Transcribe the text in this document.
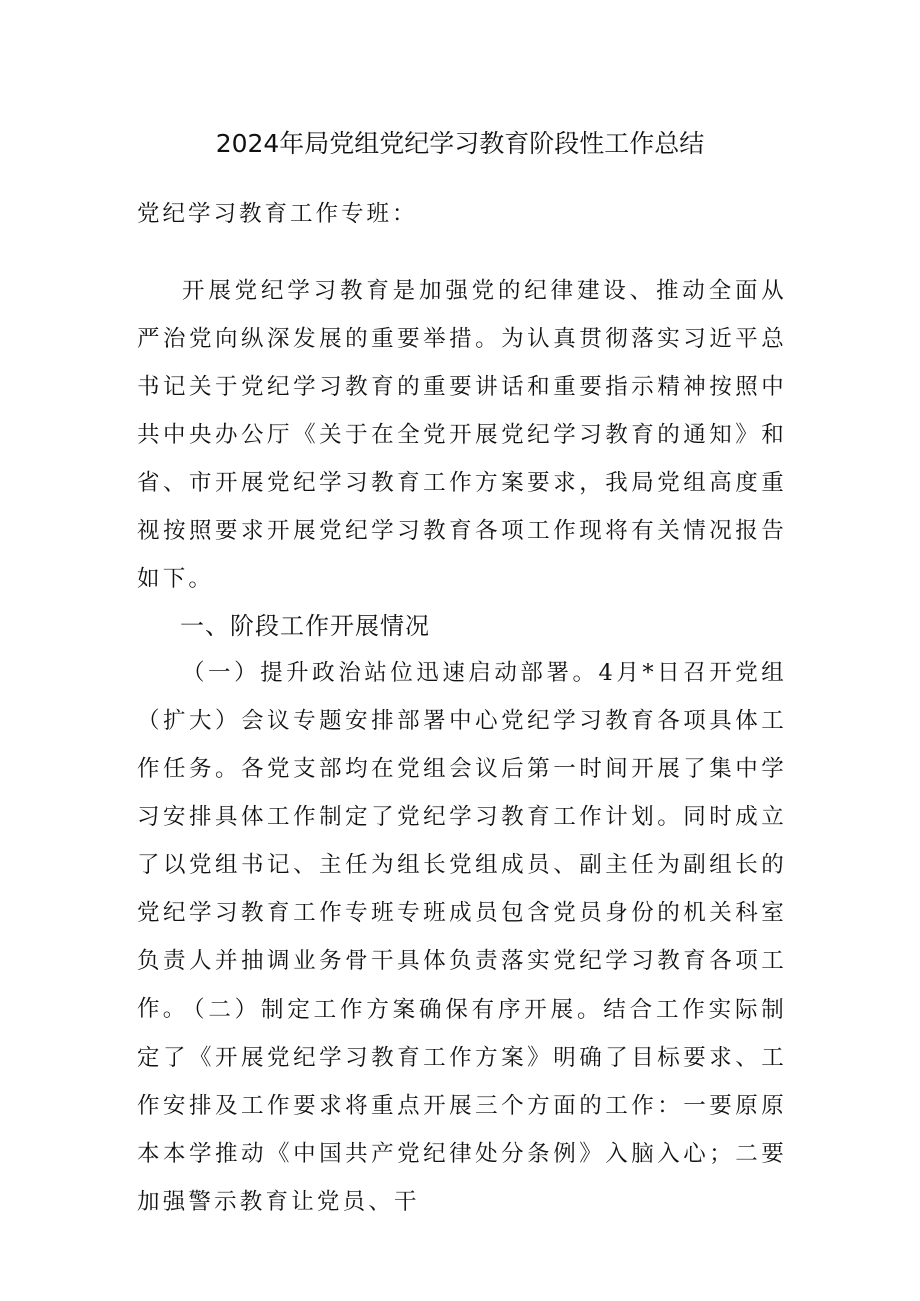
2024年局党组党纪学习教育阶段性工作总结
党纪学习教育工作专班：

开展党纪学习教育是加强党的纪律建设、推动全面从严治党向纵深发展的重要举措。为认真贯彻落实习近平总书记关于党纪学习教育的重要讲话和重要指示精神按照中共中央办公厅《关于在全党开展党纪学习教育的通知》和省、市开展党纪学习教育工作方案要求，我局党组高度重视按照要求开展党纪学习教育各项工作现将有关情况报告如下。

一、阶段工作开展情况

（一）提升政治站位迅速启动部署。4月*日召开党组（扩大）会议专题安排部署中心党纪学习教育各项具体工作任务。各党支部均在党组会议后第一时间开展了集中学习安排具体工作制定了党纪学习教育工作计划。同时成立了以党组书记、主任为组长党组成员、副主任为副组长的党纪学习教育工作专班专班成员包含党员身份的机关科室负责人并抽调业务骨干具体负责落实党纪学习教育各项工作。

（二）制定工作方案确保有序开展。结合工作实际制定了《开展党纪学习教育工作方案》明确了目标要求、工作安排及工作要求将重点开展三个方面的工作：一要原原本本学推动《中国共产党纪律处分条例》入脑入心；二要加强警示教育让党员、干
